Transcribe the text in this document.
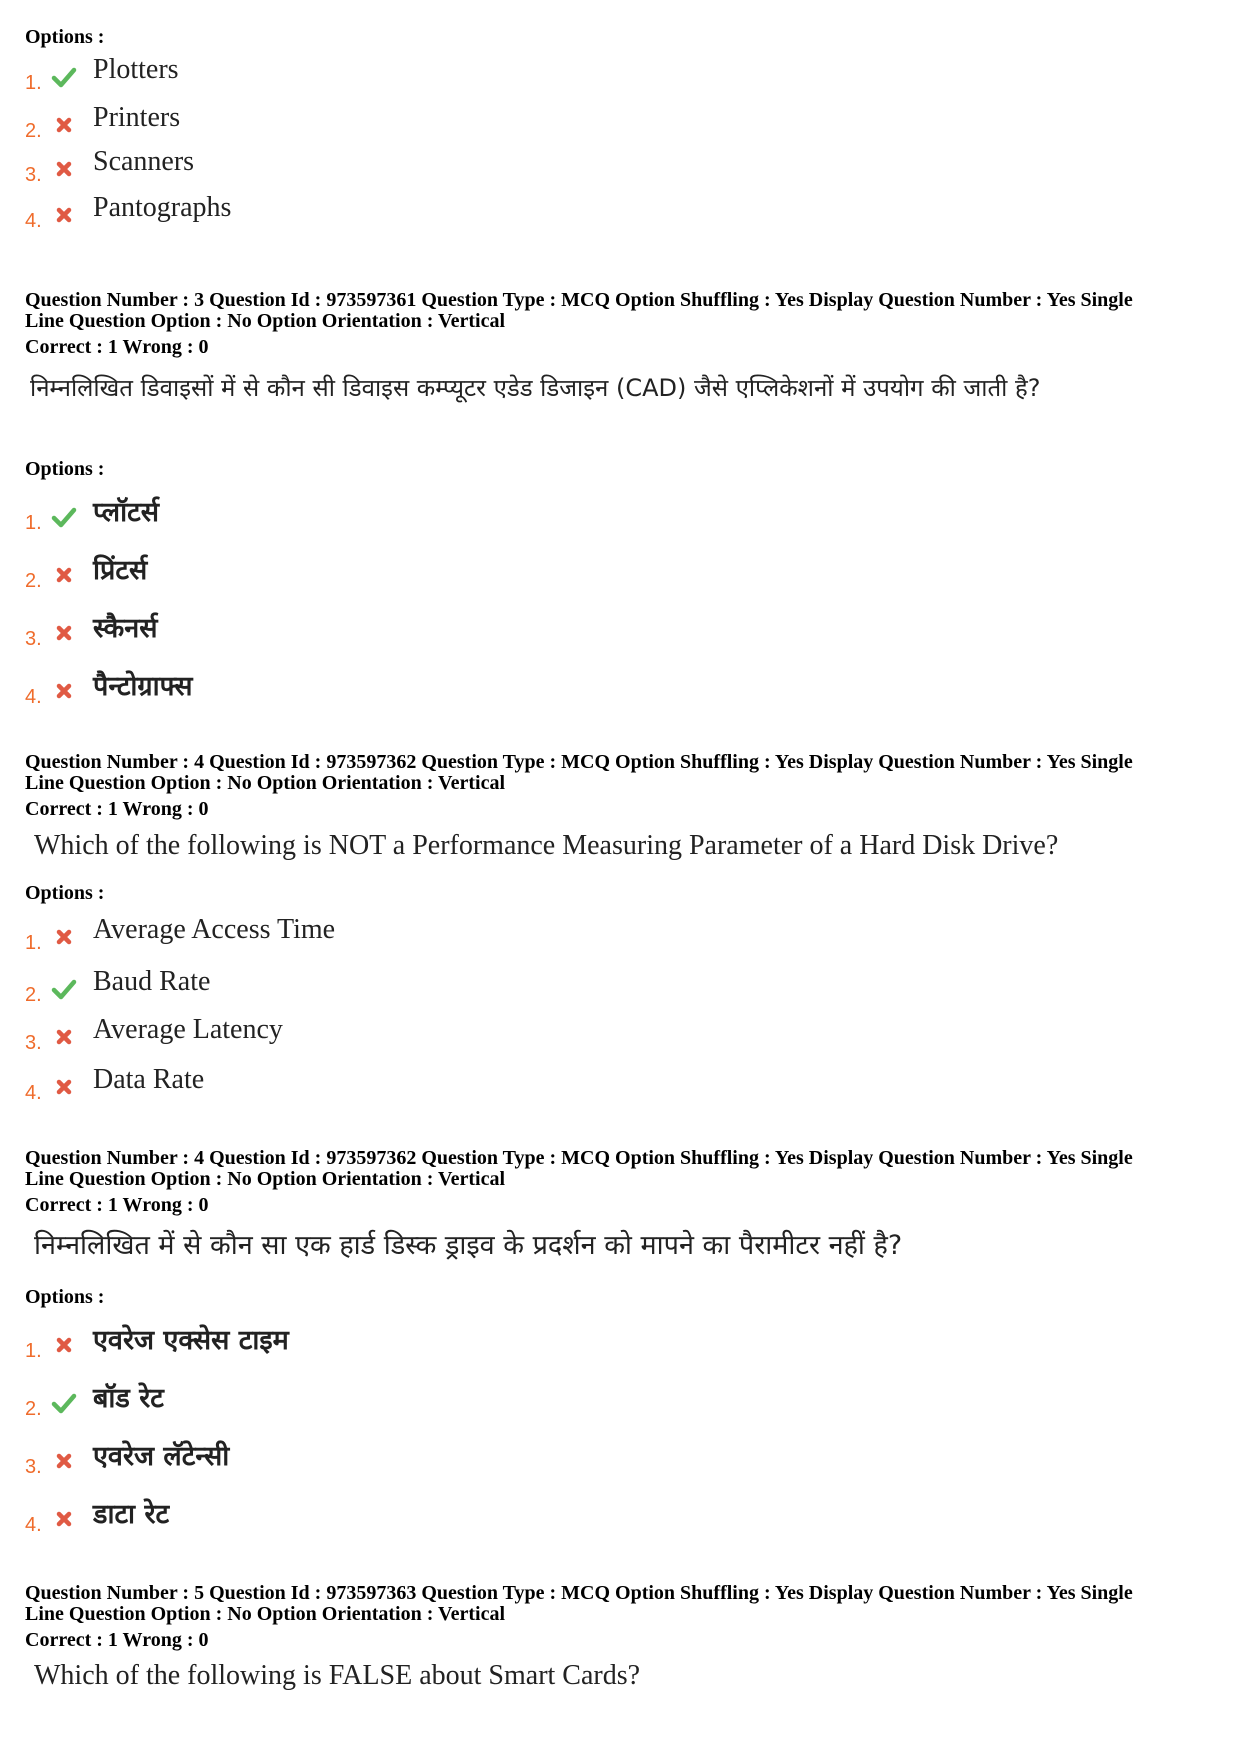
Options :
1. Plotters
2. Printers
3. Scanners
4. Pantographs
Question Number : 3 Question Id : 973597361 Question Type : MCQ Option Shuffling : Yes Display Question Number : Yes Single
Line Question Option : No Option Orientation : Vertical
Correct : 1 Wrong : 0
निम्नलिखित डिवाइसों में से कौन सी डिवाइस कम्प्यूटर एडेड डिजाइन (CAD) जैसे एप्लिकेशनों में उपयोग की जाती है?
Options :
1. प्लॉटर्स
2. प्रिंटर्स
3. स्कैनर्स
4. पैन्टोग्राफ्स
Question Number : 4 Question Id : 973597362 Question Type : MCQ Option Shuffling : Yes Display Question Number : Yes Single
Line Question Option : No Option Orientation : Vertical
Correct : 1 Wrong : 0
Which of the following is NOT a Performance Measuring Parameter of a Hard Disk Drive?
Options :
1. Average Access Time
2. Baud Rate
3. Average Latency
4. Data Rate
Question Number : 4 Question Id : 973597362 Question Type : MCQ Option Shuffling : Yes Display Question Number : Yes Single
Line Question Option : No Option Orientation : Vertical
Correct : 1 Wrong : 0
निम्नलिखित में से कौन सा एक हार्ड डिस्क ड्राइव के प्रदर्शन को मापने का पैरामीटर नहीं है?
Options :
1. एवरेज एक्सेस टाइम
2. बॉड रेट
3. एवरेज लॅटेन्सी
4. डाटा रेट
Question Number : 5 Question Id : 973597363 Question Type : MCQ Option Shuffling : Yes Display Question Number : Yes Single
Line Question Option : No Option Orientation : Vertical
Correct : 1 Wrong : 0
Which of the following is FALSE about Smart Cards?
